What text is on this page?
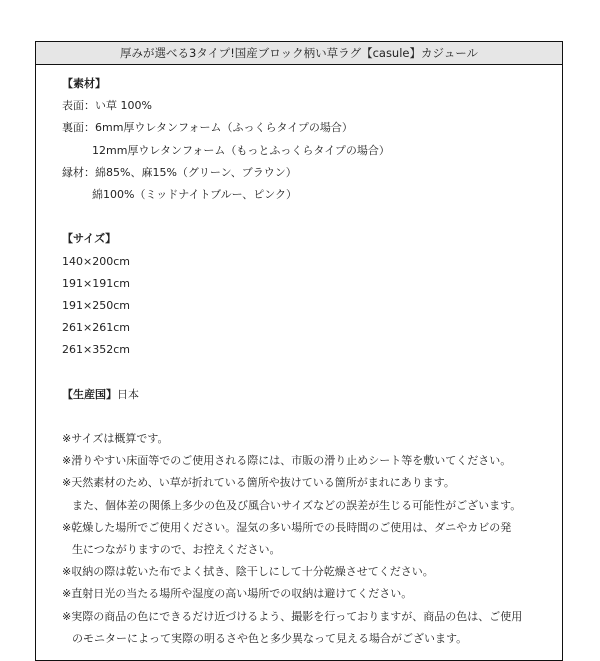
厚みが選べる3タイプ!国産ブロック柄い草ラグ【casule】カジュール
【素材】
表面：い草 100%
裏面：6mm厚ウレタンフォーム（ふっくらタイプの場合）
12mm厚ウレタンフォーム（もっとふっくらタイプの場合）
縁材：綿85%、麻15%（グリーン、ブラウン）
綿100%（ミッドナイトブルー、ピンク）
【サイズ】
140×200cm
191×191cm
191×250cm
261×261cm
261×352cm
【生産国】日本
※サイズは概算です。
※滑りやすい床面等でのご使用される際には、市販の滑り止めシート等を敷いてください。
※天然素材のため、い草が折れている箇所や抜けている箇所がまれにあります。
また、個体差の関係上多少の色及び風合いサイズなどの誤差が生じる可能性がございます。
※乾燥した場所でご使用ください。湿気の多い場所での長時間のご使用は、ダニやカビの発
生につながりますので、お控えください。
※収納の際は乾いた布でよく拭き、陰干しにして十分乾燥させてください。
※直射日光の当たる場所や湿度の高い場所での収納は避けてください。
※実際の商品の色にできるだけ近づけるよう、撮影を行っておりますが、商品の色は、ご使用
のモニターによって実際の明るさや色と多少異なって見える場合がございます。
